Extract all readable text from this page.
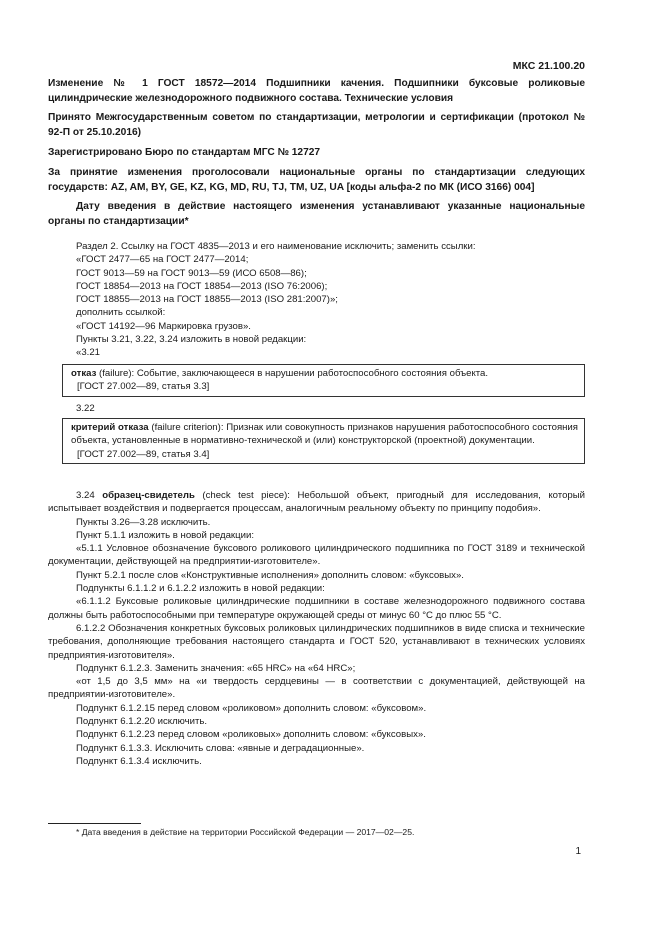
МКС 21.100.20

Изменение № 1 ГОСТ 18572—2014 Подшипники качения. Подшипники буксовые роликовые цилиндрические железнодорожного подвижного состава. Технические условия

Принято Межгосударственным советом по стандартизации, метрологии и сертификации (протокол № 92-П от 25.10.2016)

Зарегистрировано Бюро по стандартам МГС № 12727

За принятие изменения проголосовали национальные органы по стандартизации следующих государств: AZ, AM, BY, GE, KZ, KG, MD, RU, TJ, TM, UZ, UA [коды альфа-2 по МК (ИСО 3166) 004]

Дату введения в действие настоящего изменения устанавливают указанные национальные органы по стандартизации*

Раздел 2. Ссылку на ГОСТ 4835—2013 и его наименование исключить; заменить ссылки:

«ГОСТ 2477—65 на ГОСТ 2477—2014;

ГОСТ 9013—59 на ГОСТ 9013—59 (ИСО 6508—86);

ГОСТ 18854—2013 на ГОСТ 18854—2013 (ISO 76:2006);

ГОСТ 18855—2013 на ГОСТ 18855—2013 (ISO 281:2007)»;

дополнить ссылкой:

«ГОСТ 14192—96 Маркировка грузов».

Пункты 3.21, 3.22, 3.24 изложить в новой редакции:

«3.21

отказ (failure): Событие, заключающееся в нарушении работоспособного состояния объекта.

[ГОСТ 27.002—89, статья 3.3]

3.22

критерий отказа (failure criterion): Признак или совокупность признаков нарушения работоспособного состояния объекта, установленные в нормативно-технической и (или) конструкторской (проектной) документации.

[ГОСТ 27.002—89, статья 3.4]

3.24 образец-свидетель (check test piece): Небольшой объект, пригодный для исследования, который испытывает воздействия и подвергается процессам, аналогичным реальному объекту по принципу подобия».

Пункты 3.26—3.28 исключить.

Пункт 5.1.1 изложить в новой редакции:

«5.1.1 Условное обозначение буксового роликового цилиндрического подшипника по ГОСТ 3189 и технической документации, действующей на предприятии-изготовителе».

Пункт 5.2.1 после слов «Конструктивные исполнения» дополнить словом: «буксовых».

Подпункты 6.1.1.2 и 6.1.2.2 изложить в новой редакции:

«6.1.1.2 Буксовые роликовые цилиндрические подшипники в составе железнодорожного подвижного состава должны быть работоспособными при температуре окружающей среды от минус 60 °С до плюс 55 °С.

6.1.2.2 Обозначения конкретных буксовых роликовых цилиндрических подшипников в виде списка и технические требования, дополняющие требования настоящего стандарта и ГОСТ 520, устанавливают в технических условиях предприятия-изготовителя».

Подпункт 6.1.2.3. Заменить значения: «65 HRC» на «64 HRC»;

«от 1,5 до 3,5 мм» на «и твердость сердцевины — в соответствии с документацией, действующей на предприятии-изготовителе».

Подпункт 6.1.2.15 перед словом «роликовом» дополнить словом: «буксовом».

Подпункт 6.1.2.20 исключить.

Подпункт 6.1.2.23 перед словом «роликовых» дополнить словом: «буксовых».

Подпункт 6.1.3.3. Исключить слова: «явные и деградационные».

Подпункт 6.1.3.4 исключить.

* Дата введения в действие на территории Российской Федерации — 2017—02—25.
1
